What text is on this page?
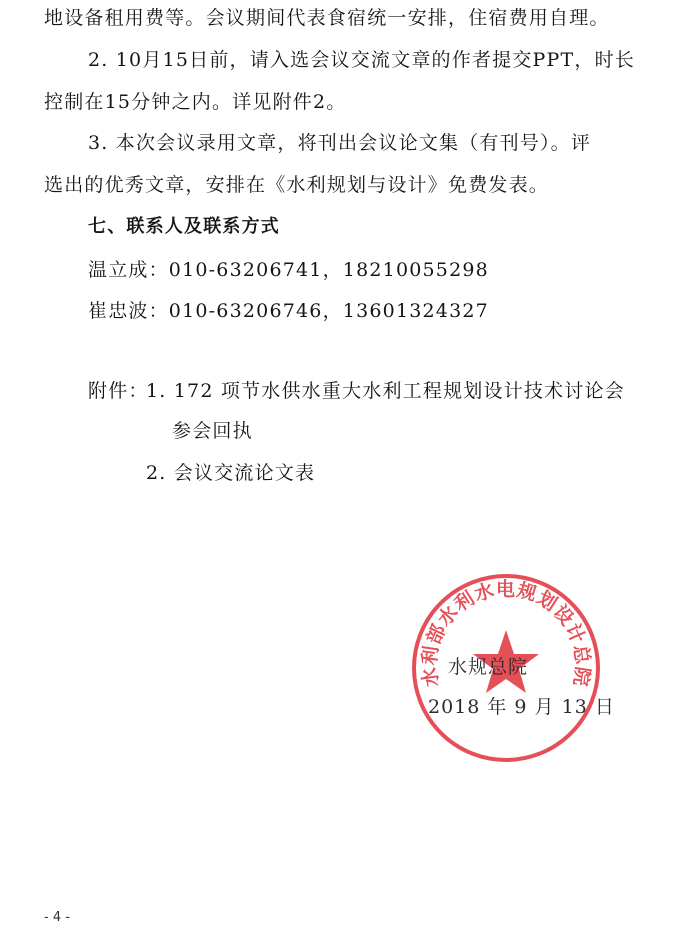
地设备租用费等。会议期间代表食宿统一安排，住宿费用自理。
2. 10月15日前，请入选会议交流文章的作者提交PPT，时长
控制在15分钟之内。详见附件2。
3. 本次会议录用文章，将刊出会议论文集（有刊号）。评
选出的优秀文章，安排在《水利规划与设计》免费发表。
七、联系人及联系方式
温立成：010-63206741，18210055298
崔忠波：010-63206746，13601324327
附件：
1. 172 项节水供水重大水利工程规划设计技术讨论会
参会回执
2. 会议交流论文表
水利部水利水电规划设计总院
水规总院
2018 年 9 月 13 日
- 4 -
